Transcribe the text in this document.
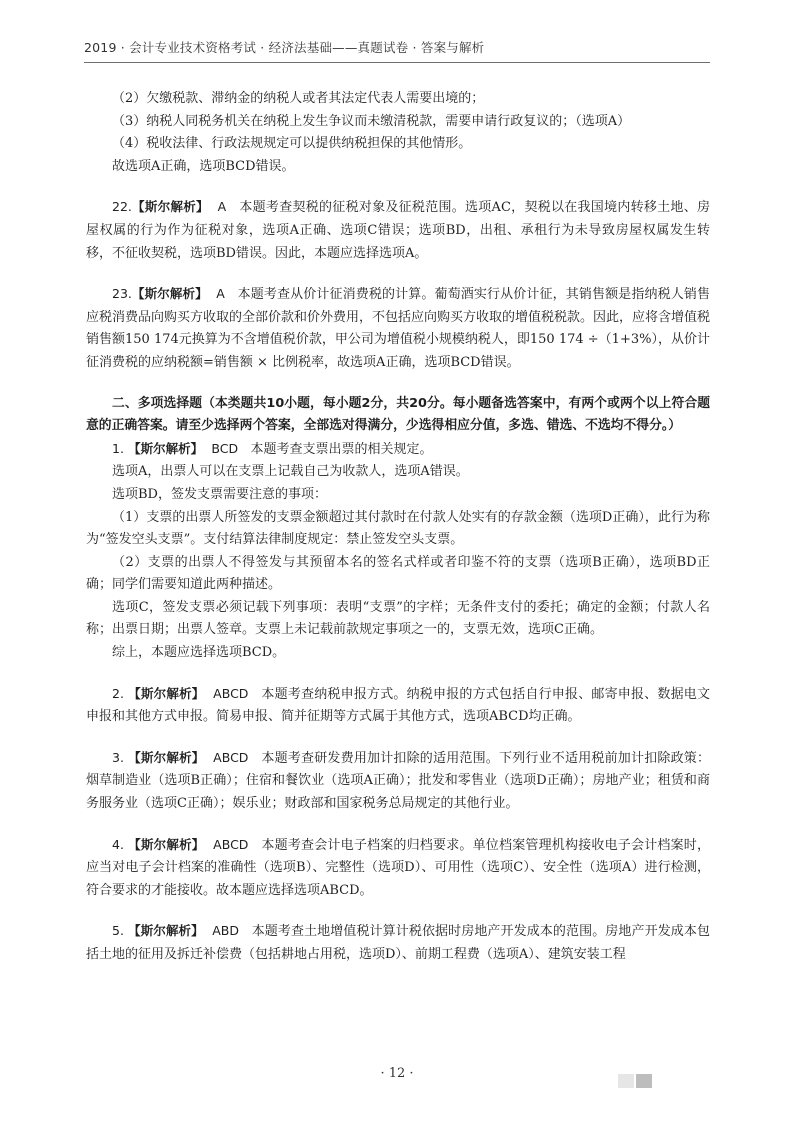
2019 · 会计专业技术资格考试 · 经济法基础——真题试卷 · 答案与解析

（2）欠缴税款、滞纳金的纳税人或者其法定代表人需要出境的；

（3）纳税人同税务机关在纳税上发生争议而未缴清税款，需要申请行政复议的；（选项A）

（4）税收法律、行政法规规定可以提供纳税担保的其他情形。

故选项A正确，选项BCD错误。

22.【斯尔解析】 A 本题考查契税的征税对象及征税范围。选项AC，契税以在我国境内转移土地、房屋权属的行为作为征税对象，选项A正确、选项C错误；选项BD，出租、承租行为未导致房屋权属发生转移，不征收契税，选项BD错误。因此，本题应选择选项A。

23.【斯尔解析】 A 本题考查从价计征消费税的计算。葡萄酒实行从价计征，其销售额是指纳税人销售应税消费品向购买方收取的全部价款和价外费用，不包括应向购买方收取的增值税税款。因此，应将含增值税销售额150 174元换算为不含增值税价款，甲公司为增值税小规模纳税人，即150 174 ÷（1+3%），从价计征消费税的应纳税额=销售额 × 比例税率，故选项A正确，选项BCD错误。

二、多项选择题（本类题共10小题，每小题2分，共20分。每小题备选答案中，有两个或两个以上符合题意的正确答案。请至少选择两个答案，全部选对得满分，少选得相应分值，多选、错选、不选均不得分。）

1. 【斯尔解析】 BCD 本题考查支票出票的相关规定。

选项A，出票人可以在支票上记载自己为收款人，选项A错误。

选项BD，签发支票需要注意的事项：

（1）支票的出票人所签发的支票金额超过其付款时在付款人处实有的存款金额（选项D正确），此行为称为“签发空头支票”。支付结算法律制度规定：禁止签发空头支票。

（2）支票的出票人不得签发与其预留本名的签名式样或者印鉴不符的支票（选项B正确），选项BD正确；同学们需要知道此两种描述。

选项C，签发支票必须记载下列事项：表明“支票”的字样；无条件支付的委托；确定的金额；付款人名称；出票日期；出票人签章。支票上未记载前款规定事项之一的，支票无效，选项C正确。

综上，本题应选择选项BCD。

2. 【斯尔解析】 ABCD 本题考查纳税申报方式。纳税申报的方式包括自行申报、邮寄申报、数据电文申报和其他方式申报。简易申报、简并征期等方式属于其他方式，选项ABCD均正确。

3. 【斯尔解析】 ABCD 本题考查研发费用加计扣除的适用范围。下列行业不适用税前加计扣除政策：烟草制造业（选项B正确）；住宿和餐饮业（选项A正确）；批发和零售业（选项D正确）；房地产业；租赁和商务服务业（选项C正确）；娱乐业；财政部和国家税务总局规定的其他行业。

4. 【斯尔解析】 ABCD 本题考查会计电子档案的归档要求。单位档案管理机构接收电子会计档案时，应当对电子会计档案的准确性（选项B）、完整性（选项D）、可用性（选项C）、安全性（选项A）进行检测，符合要求的才能接收。故本题应选择选项ABCD。

5. 【斯尔解析】 ABD 本题考查土地增值税计算计税依据时房地产开发成本的范围。房地产开发成本包括土地的征用及拆迁补偿费（包括耕地占用税，选项D）、前期工程费（选项A）、建筑安装工程

· 12 ·
